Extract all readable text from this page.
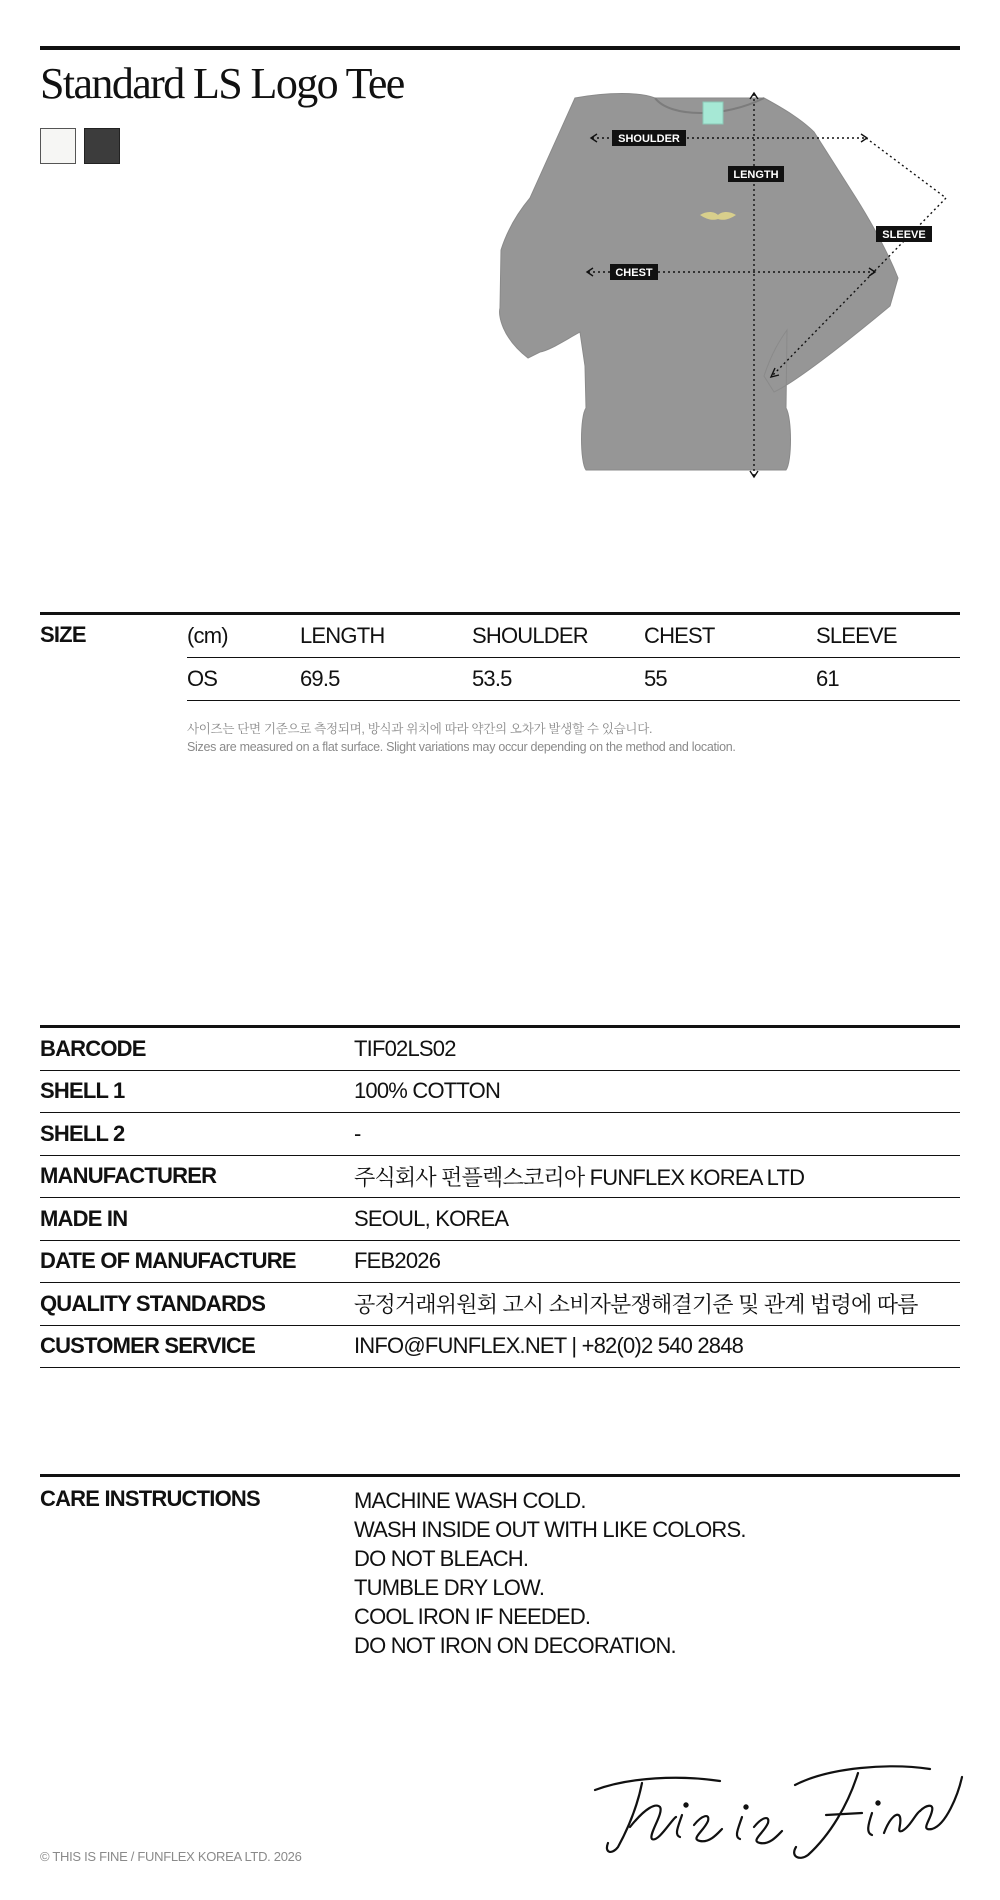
Standard LS Logo Tee
SHOULDER
LENGTH
SLEEVE
CHEST
SIZE	(cm)	LENGTH	SHOULDER	CHEST	SLEEVE
OS	69.5	53.5	55	61
사이즈는 단면 기준으로 측정되며, 방식과 위치에 따라 약간의 오차가 발생할 수 있습니다.
Sizes are measured on a flat surface. Slight variations may occur depending on the method and location.
BARCODE	TIF02LS02
SHELL 1	100% COTTON
SHELL 2	-
MANUFACTURER	주식회사 펀플렉스코리아 FUNFLEX KOREA LTD
MADE IN	SEOUL, KOREA
DATE OF MANUFACTURE	FEB2026
QUALITY STANDARDS	공정거래위원회 고시 소비자분쟁해결기준 및 관계 법령에 따름
CUSTOMER SERVICE	INFO@FUNFLEX.NET | +82(0)2 540 2848
CARE INSTRUCTIONS	MACHINE WASH COLD.
WASH INSIDE OUT WITH LIKE COLORS.
DO NOT BLEACH.
TUMBLE DRY LOW.
COOL IRON IF NEEDED.
DO NOT IRON ON DECORATION.
© THIS IS FINE / FUNFLEX KOREA LTD. 2026
